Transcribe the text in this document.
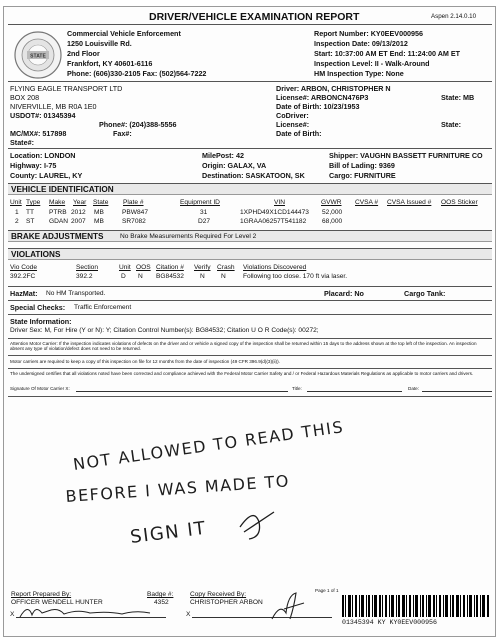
DRIVER/VEHICLE EXAMINATION REPORT	Aspen 2.14.0.10
STATE
Commercial Vehicle Enforcement
1250 Louisville Rd.
2nd Floor
Frankfort, KY 40601-6116
Phone: (606)330-2105 Fax: (502)564-7222
Report Number: KY0EEV000956
Inspection Date: 09/13/2012
Start: 10:37:00 AM ET End: 11:24:00 AM ET
Inspection Level: II - Walk-Around
HM Inspection Type: None
FLYING EAGLE TRANSPORT LTD
BOX 208
NIVERVILLE, MB R0A 1E0
USDOT#: 01345394
Phone#: (204)388-5556
MC/MX#: 517898	Fax#:
State#:
Driver: ARBON, CHRISTOPHER N
License#: ARBONCN476P3	State: MB
Date of Birth: 10/23/1953
CoDriver:
License#:	State:
Date of Birth:
Location: LONDON
Highway: I-75
County: LAUREL, KY
MilePost: 42
Origin: GALAX, VA
Destination: SASKATOON, SK
Shipper: VAUGHN BASSETT FURNITURE CO
Bill of Lading: 9369
Cargo: FURNITURE
VEHICLE IDENTIFICATION
Unit Type Make Year State Plate #	Equipment ID	VIN	GVWR CVSA # CVSA Issued # OOS Sticker
1 TT PTRB 2012 MB	PBW847	31	1XPHD49X1CD144473 52,000
2 ST GDAN 2007 MB	SR7082	D27	1GRAA06257T541182 68,000
BRAKE ADJUSTMENTS	No Brake Measurements Required For Level 2
VIOLATIONS
Vio Code	Section	Unit OOS Citation # Verify Crash Violations Discovered
392.2FC	392.2	D N BG84532 N N	Following too close. 170 ft via laser.
HazMat: No HM Transported.	Placard: No	Cargo Tank:
Special Checks: Traffic Enforcement
State Information:
Driver Sex: M, For Hire (Y or N): Y; Citation Control Number(s): BG84532; Citation U O R Code(s): 00272;
Attention Motor Carrier: If the inspection indicates violations of defects on the driver and or vehicle a signed copy of the inspection shall be returned within 15 days to the address shown at the top left of the inspection. An inspection absent any type of violation/defect does not need to be returned.
Motor carriers are required to keep a copy of this inspection on file for 12 months from the date of inspection (49 CFR 396.9(d)(3)(ii)).
The undersigned certifies that all violations noted have been corrected and compliance achieved with the Federal Motor Carrier Safety and / or Federal Hazardous Materials Regulations as applicable to motor carriers and drivers.
Signature Of Motor Carrier X:	Title:	Date:
NOT ALLOWED TO READ THIS
BEFORE I WAS MADE TO
SIGN IT
Report Prepared By:
OFFICER WENDELL HUNTER
Badge #:
4352
Copy Received By:
CHRISTOPHER ARBON
Page 1 of 1
X	X
01345394 KY KY0EEV000956
